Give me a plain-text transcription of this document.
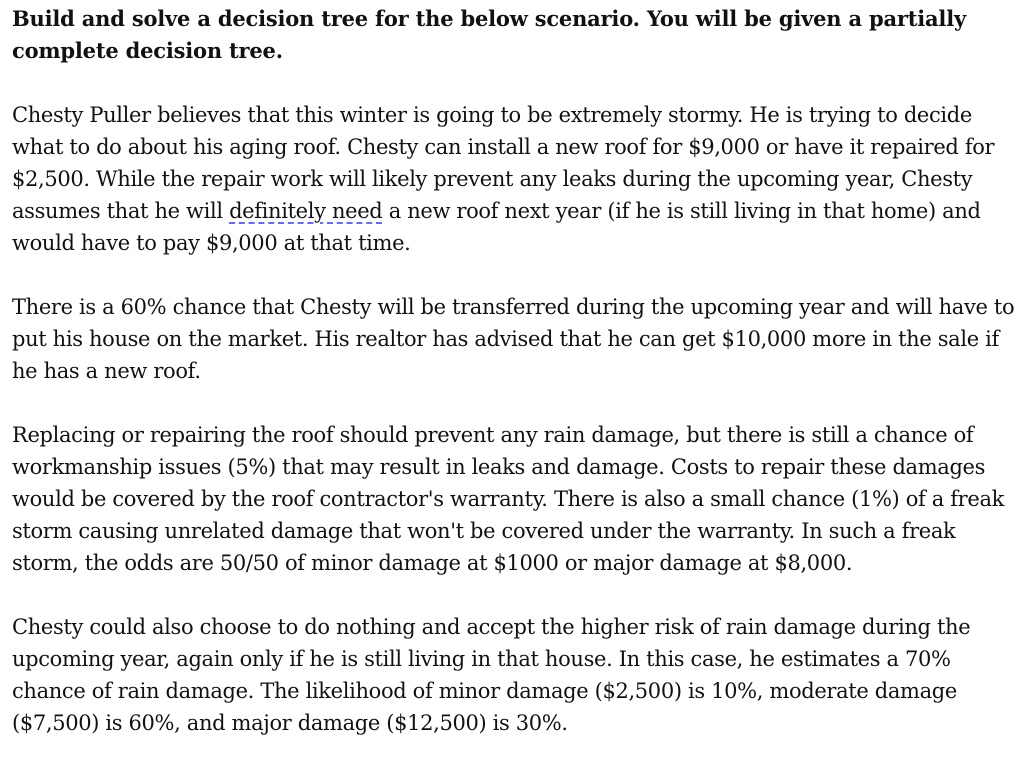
Build and solve a decision tree for the below scenario. You will be given a partially complete decision tree.

Chesty Puller believes that this winter is going to be extremely stormy. He is trying to decide what to do about his aging roof. Chesty can install a new roof for $9,000 or have it repaired for $2,500. While the repair work will likely prevent any leaks during the upcoming year, Chesty assumes that he will definitely need a new roof next year (if he is still living in that home) and would have to pay $9,000 at that time.

There is a 60% chance that Chesty will be transferred during the upcoming year and will have to put his house on the market. His realtor has advised that he can get $10,000 more in the sale if he has a new roof.

Replacing or repairing the roof should prevent any rain damage, but there is still a chance of workmanship issues (5%) that may result in leaks and damage. Costs to repair these damages would be covered by the roof contractor's warranty. There is also a small chance (1%) of a freak storm causing unrelated damage that won't be covered under the warranty. In such a freak storm, the odds are 50/50 of minor damage at $1000 or major damage at $8,000.

Chesty could also choose to do nothing and accept the higher risk of rain damage during the upcoming year, again only if he is still living in that house. In this case, he estimates a 70% chance of rain damage. The likelihood of minor damage ($2,500) is 10%, moderate damage ($7,500) is 60%, and major damage ($12,500) is 30%.
